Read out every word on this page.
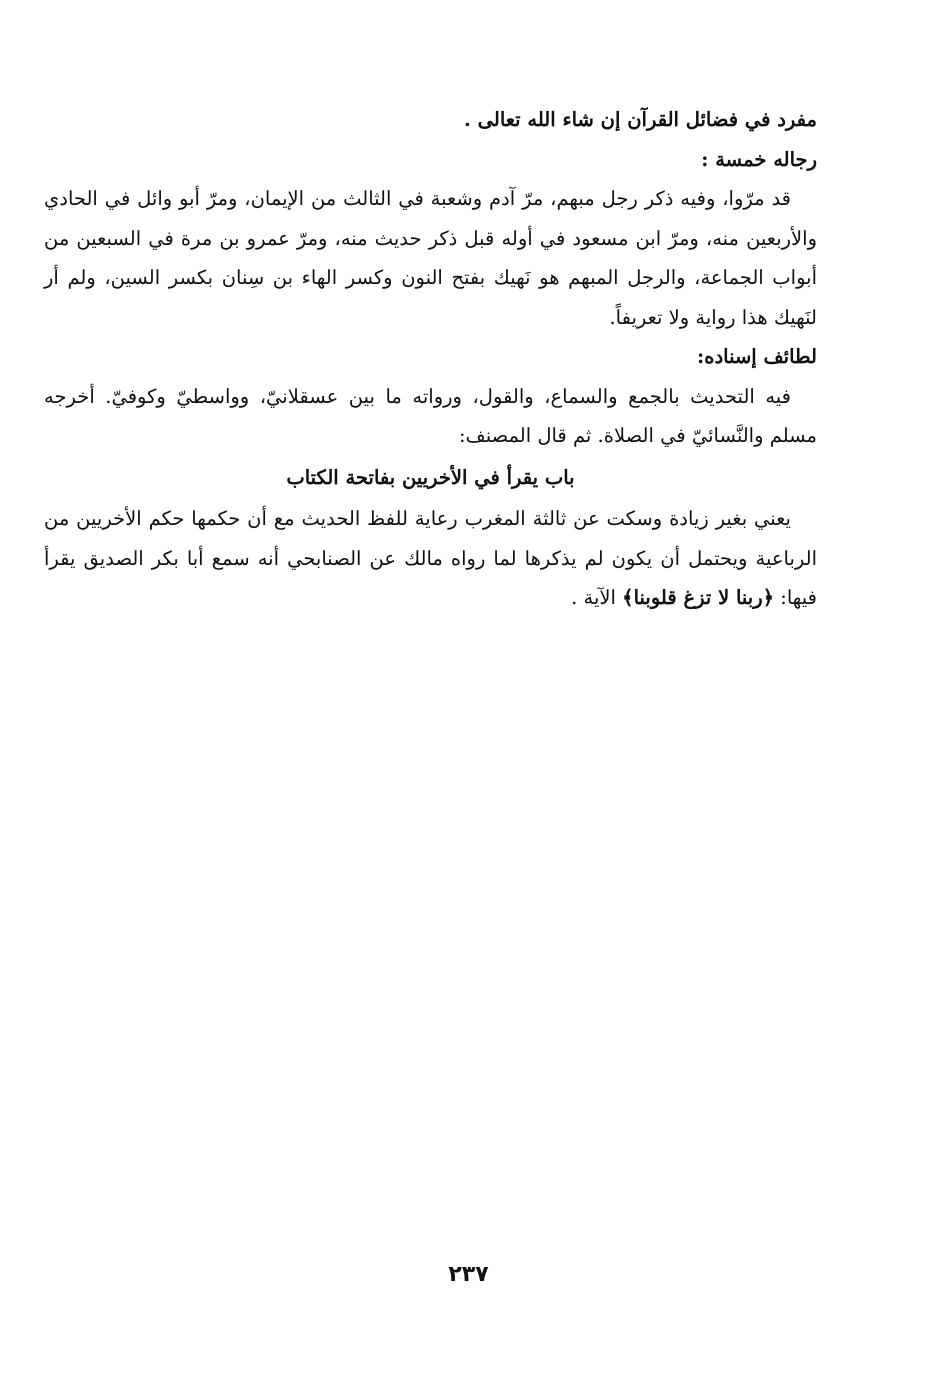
مفرد في فضائل القرآن إن شاء الله تعالى .

رجاله خمسة :

قد مرّوا، وفيه ذكر رجل مبهم، مرّ آدم وشعبة في الثالث من الإيمان، ومرّ أبو وائل في الحادي والأربعين منه، ومرّ ابن مسعود في أوله قبل ذكر حديث منه، ومرّ عمرو بن مرة في السبعين من أبواب الجماعة، والرجل المبهم هو نَهيك بفتح النون وكسر الهاء بن سِنان بكسر السين، ولم أر لنَهيك هذا رواية ولا تعريفاً.

لطائف إسناده:

فيه التحديث بالجمع والسماع، والقول، ورواته ما بين عسقلانيّ، وواسطيّ وكوفيّ. أخرجه مسلم والنَّسائيّ في الصلاة. ثم قال المصنف:

باب يقرأ في الأخريين بفاتحة الكتاب

يعني بغير زيادة وسكت عن ثالثة المغرب رعاية للفظ الحديث مع أن حكمها حكم الأخريين من الرباعية ويحتمل أن يكون لم يذكرها لما رواه مالك عن الصنابحي أنه سمع أبا بكر الصديق يقرأ فيها: ﴿ربنا لا تزغ قلوبنا﴾ الآية .

٢٣٧
